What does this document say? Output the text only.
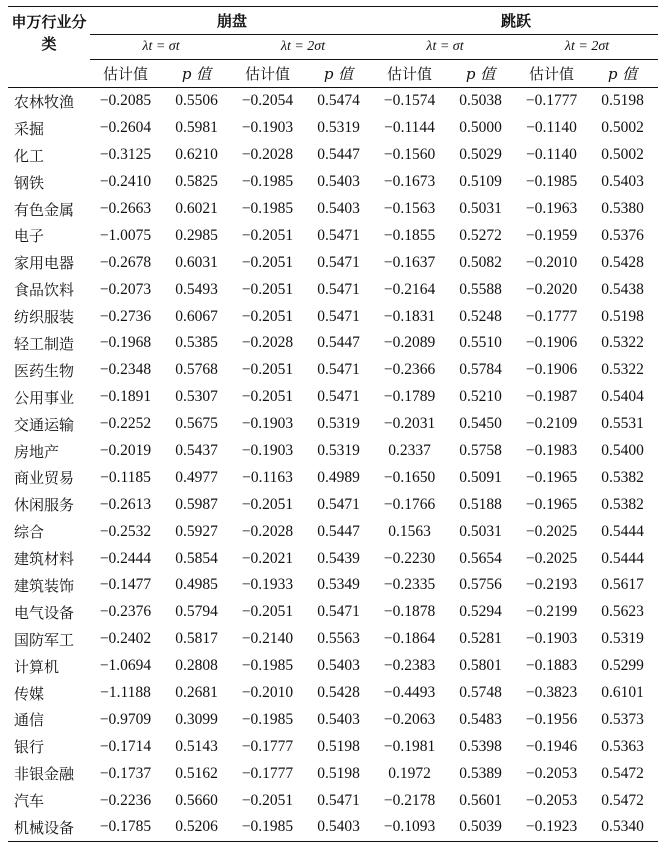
申万行业分类	崩盘				跳跃			
	λt = σt		λt = 2σt		λt = σt		λt = 2σt	
	估计值	p 值	估计值	p 值	估计值	p 值	估计值	p 值
农林牧渔	−0.2085	0.5506	−0.2054	0.5474	−0.1574	0.5038	−0.1777	0.5198
采掘	−0.2604	0.5981	−0.1903	0.5319	−0.1144	0.5000	−0.1140	0.5002
化工	−0.3125	0.6210	−0.2028	0.5447	−0.1560	0.5029	−0.1140	0.5002
钢铁	−0.2410	0.5825	−0.1985	0.5403	−0.1673	0.5109	−0.1985	0.5403
有色金属	−0.2663	0.6021	−0.1985	0.5403	−0.1563	0.5031	−0.1963	0.5380
电子	−1.0075	0.2985	−0.2051	0.5471	−0.1855	0.5272	−0.1959	0.5376
家用电器	−0.2678	0.6031	−0.2051	0.5471	−0.1637	0.5082	−0.2010	0.5428
食品饮料	−0.2073	0.5493	−0.2051	0.5471	−0.2164	0.5588	−0.2020	0.5438
纺织服装	−0.2736	0.6067	−0.2051	0.5471	−0.1831	0.5248	−0.1777	0.5198
轻工制造	−0.1968	0.5385	−0.2028	0.5447	−0.2089	0.5510	−0.1906	0.5322
医药生物	−0.2348	0.5768	−0.2051	0.5471	−0.2366	0.5784	−0.1906	0.5322
公用事业	−0.1891	0.5307	−0.2051	0.5471	−0.1789	0.5210	−0.1987	0.5404
交通运输	−0.2252	0.5675	−0.1903	0.5319	−0.2031	0.5450	−0.2109	0.5531
房地产	−0.2019	0.5437	−0.1903	0.5319	0.2337	0.5758	−0.1983	0.5400
商业贸易	−0.1185	0.4977	−0.1163	0.4989	−0.1650	0.5091	−0.1965	0.5382
休闲服务	−0.2613	0.5987	−0.2051	0.5471	−0.1766	0.5188	−0.1965	0.5382
综合	−0.2532	0.5927	−0.2028	0.5447	0.1563	0.5031	−0.2025	0.5444
建筑材料	−0.2444	0.5854	−0.2021	0.5439	−0.2230	0.5654	−0.2025	0.5444
建筑装饰	−0.1477	0.4985	−0.1933	0.5349	−0.2335	0.5756	−0.2193	0.5617
电气设备	−0.2376	0.5794	−0.2051	0.5471	−0.1878	0.5294	−0.2199	0.5623
国防军工	−0.2402	0.5817	−0.2140	0.5563	−0.1864	0.5281	−0.1903	0.5319
计算机	−1.0694	0.2808	−0.1985	0.5403	−0.2383	0.5801	−0.1883	0.5299
传媒	−1.1188	0.2681	−0.2010	0.5428	−0.4493	0.5748	−0.3823	0.6101
通信	−0.9709	0.3099	−0.1985	0.5403	−0.2063	0.5483	−0.1956	0.5373
银行	−0.1714	0.5143	−0.1777	0.5198	−0.1981	0.5398	−0.1946	0.5363
非银金融	−0.1737	0.5162	−0.1777	0.5198	0.1972	0.5389	−0.2053	0.5472
汽车	−0.2236	0.5660	−0.2051	0.5471	−0.2178	0.5601	−0.2053	0.5472
机械设备	−0.1785	0.5206	−0.1985	0.5403	−0.1093	0.5039	−0.1923	0.5340
